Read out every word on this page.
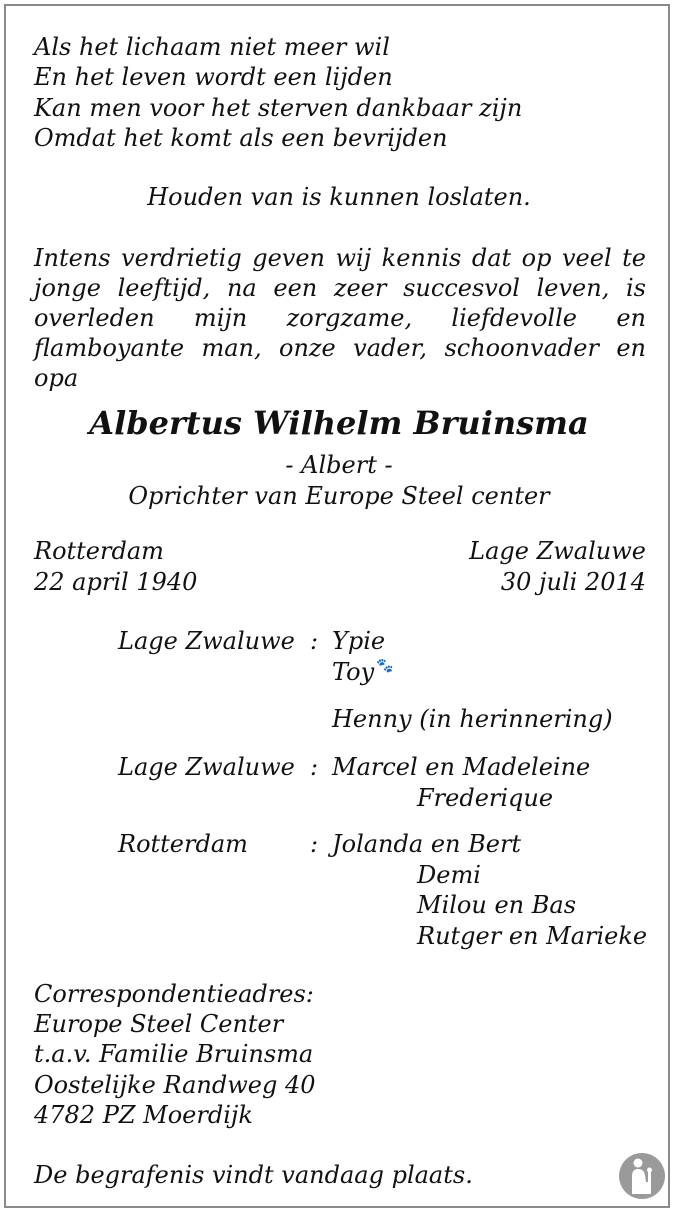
Als het lichaam niet meer wil
En het leven wordt een lijden
Kan men voor het sterven dankbaar zijn
Omdat het komt als een bevrijden
Houden van is kunnen loslaten.
Intens verdrietig geven wij kennis dat op veel te jonge leeftijd, na een zeer succesvol leven, is overleden mijn zorgzame, liefdevolle en flamboyante man, onze vader, schoonvader en opa
Albertus Wilhelm Bruinsma
- Albert -
Oprichter van Europe Steel center
Rotterdam
22 april 1940
Lage Zwaluwe
30 juli 2014
Lage Zwaluwe : Ypie
Toy 🐾
Henny (in herinnering)
Lage Zwaluwe : Marcel en Madeleine
Frederique
Rotterdam	: Jolanda en Bert
Demi
Milou en Bas
Rutger en Marieke
Correspondentieadres:
Europe Steel Center
t.a.v. Familie Bruinsma
Oostelijke Randweg 40
4782 PZ Moerdijk
De begrafenis vindt vandaag plaats.
